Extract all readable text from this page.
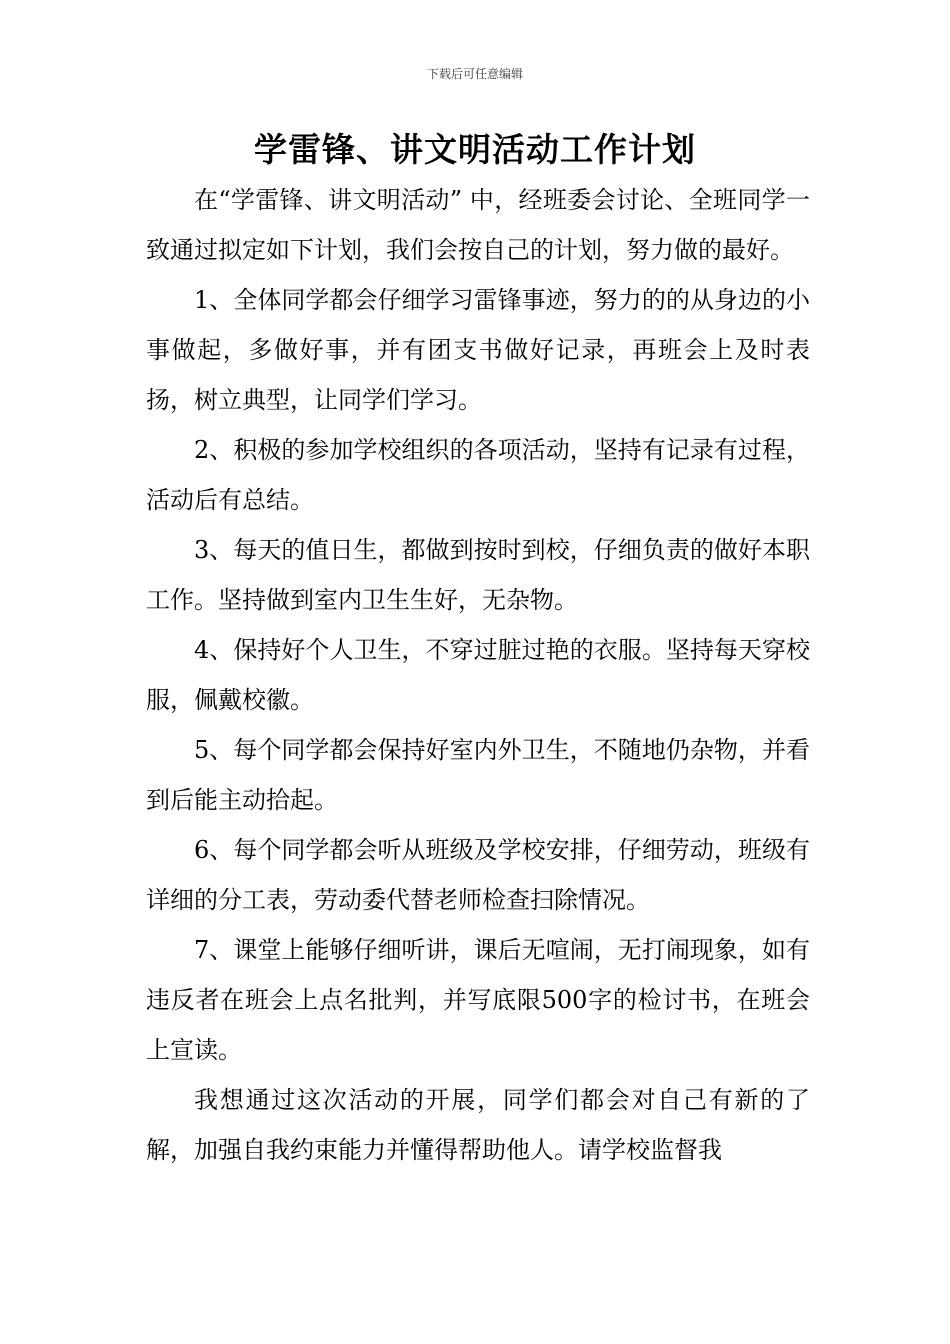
下载后可任意编辑
学雷锋、讲文明活动工作计划

在“学雷锋、讲文明活动” 中，经班委会讨论、全班同学一致通过拟定如下计划，我们会按自己的计划，努力做的最好。

1、全体同学都会仔细学习雷锋事迹，努力的的从身边的小事做起，多做好事，并有团支书做好记录，再班会上及时表扬，树立典型，让同学们学习。

2、积极的参加学校组织的各项活动，坚持有记录有过程，活动后有总结。

3、每天的值日生，都做到按时到校，仔细负责的做好本职工作。坚持做到室内卫生生好，无杂物。

4、保持好个人卫生，不穿过脏过艳的衣服。坚持每天穿校服，佩戴校徽。

5、每个同学都会保持好室内外卫生，不随地仍杂物，并看到后能主动拾起。

6、每个同学都会听从班级及学校安排，仔细劳动，班级有详细的分工表，劳动委代替老师检查扫除情况。

7、课堂上能够仔细听讲，课后无喧闹，无打闹现象，如有违反者在班会上点名批判，并写底限500字的检讨书，在班会上宣读。

我想通过这次活动的开展，同学们都会对自己有新的了解，加强自我约束能力并懂得帮助他人。请学校监督我
